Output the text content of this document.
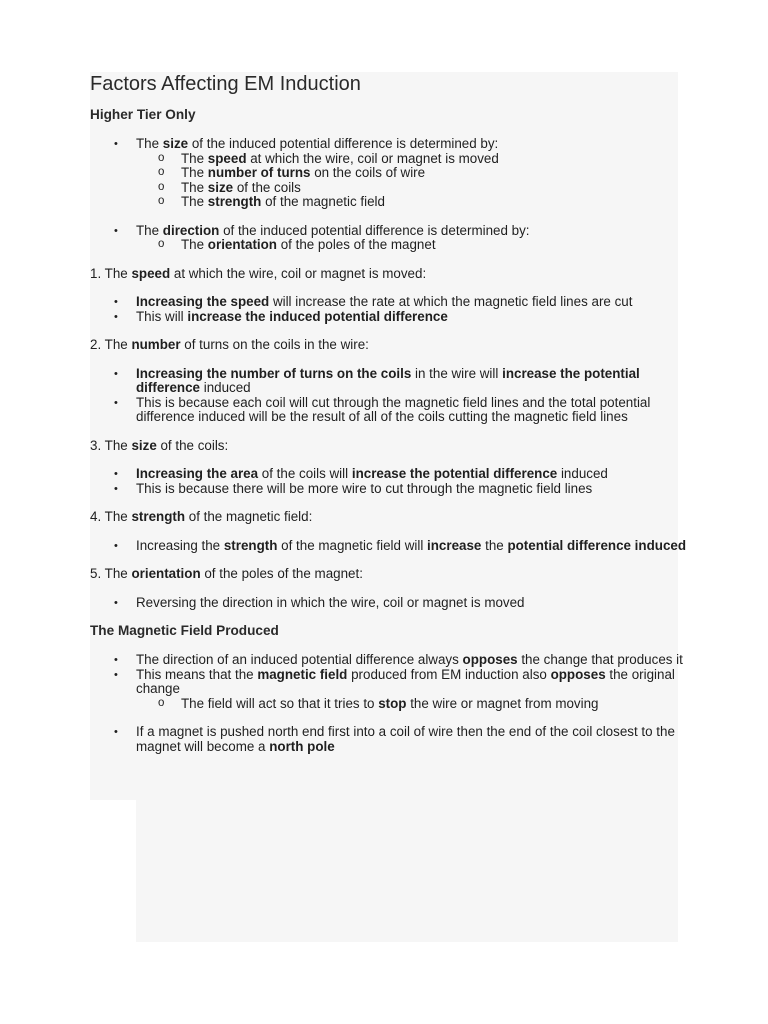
Factors Affecting EM Induction
Higher Tier Only
• The size of the induced potential difference is determined by:
o The speed at which the wire, coil or magnet is moved
o The number of turns on the coils of wire
o The size of the coils
o The strength of the magnetic field
• The direction of the induced potential difference is determined by:
o The orientation of the poles of the magnet
1. The speed at which the wire, coil or magnet is moved:
• Increasing the speed will increase the rate at which the magnetic field lines are cut
• This will increase the induced potential difference
2. The number of turns on the coils in the wire:
• Increasing the number of turns on the coils in the wire will increase the potential difference induced
• This is because each coil will cut through the magnetic field lines and the total potential difference induced will be the result of all of the coils cutting the magnetic field lines
3. The size of the coils:
• Increasing the area of the coils will increase the potential difference induced
• This is because there will be more wire to cut through the magnetic field lines
4. The strength of the magnetic field:
• Increasing the strength of the magnetic field will increase the potential difference induced
5. The orientation of the poles of the magnet:
• Reversing the direction in which the wire, coil or magnet is moved
The Magnetic Field Produced
• The direction of an induced potential difference always opposes the change that produces it
• This means that the magnetic field produced from EM induction also opposes the original change
o The field will act so that it tries to stop the wire or magnet from moving
• If a magnet is pushed north end first into a coil of wire then the end of the coil closest to the magnet will become a north pole
